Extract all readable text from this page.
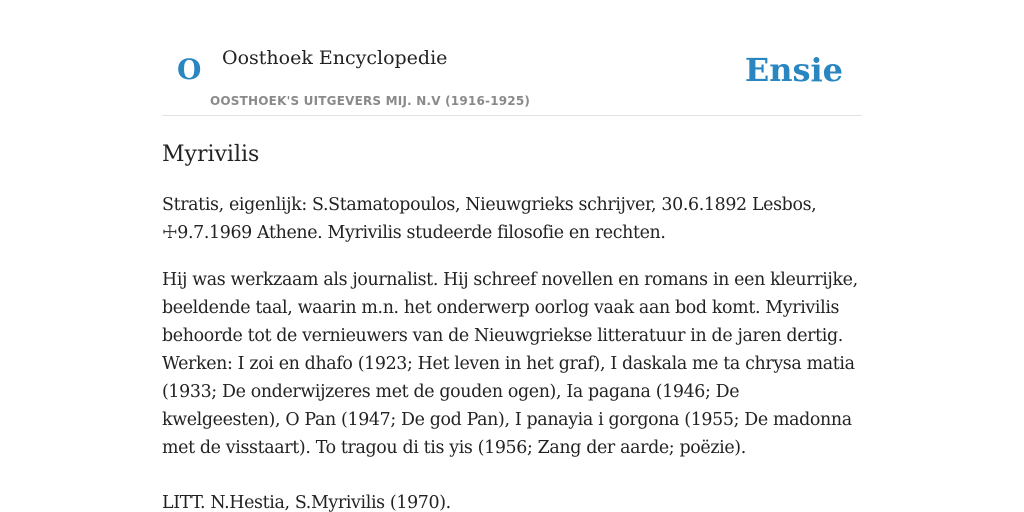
O Oosthoek Encyclopedie
OOSTHOEK'S UITGEVERS MIJ. N.V (1916-1925)
Ensie
Myrivilis

Stratis, eigenlijk: S.Stamatopoulos, Nieuwgrieks schrijver, 30.6.1892 Lesbos, ☩9.7.1969 Athene. Myrivilis studeerde filosofie en rechten.

Hij was werkzaam als journalist. Hij schreef novellen en romans in een kleurrijke, beeldende taal, waarin m.n. het onderwerp oorlog vaak aan bod komt. Myrivilis behoorde tot de vernieuwers van de Nieuwgriekse litteratuur in de jaren dertig. Werken: I zoi en dhafo (1923; Het leven in het graf), I daskala me ta chrysa matia (1933; De onderwijzeres met de gouden ogen), Ia pagana (1946; De kwelgeesten), O Pan (1947; De god Pan), I panayia i gorgona (1955; De madonna met de visstaart). To tragou di tis yis (1956; Zang der aarde; poëzie).

LITT. N.Hestia, S.Myrivilis (1970).
